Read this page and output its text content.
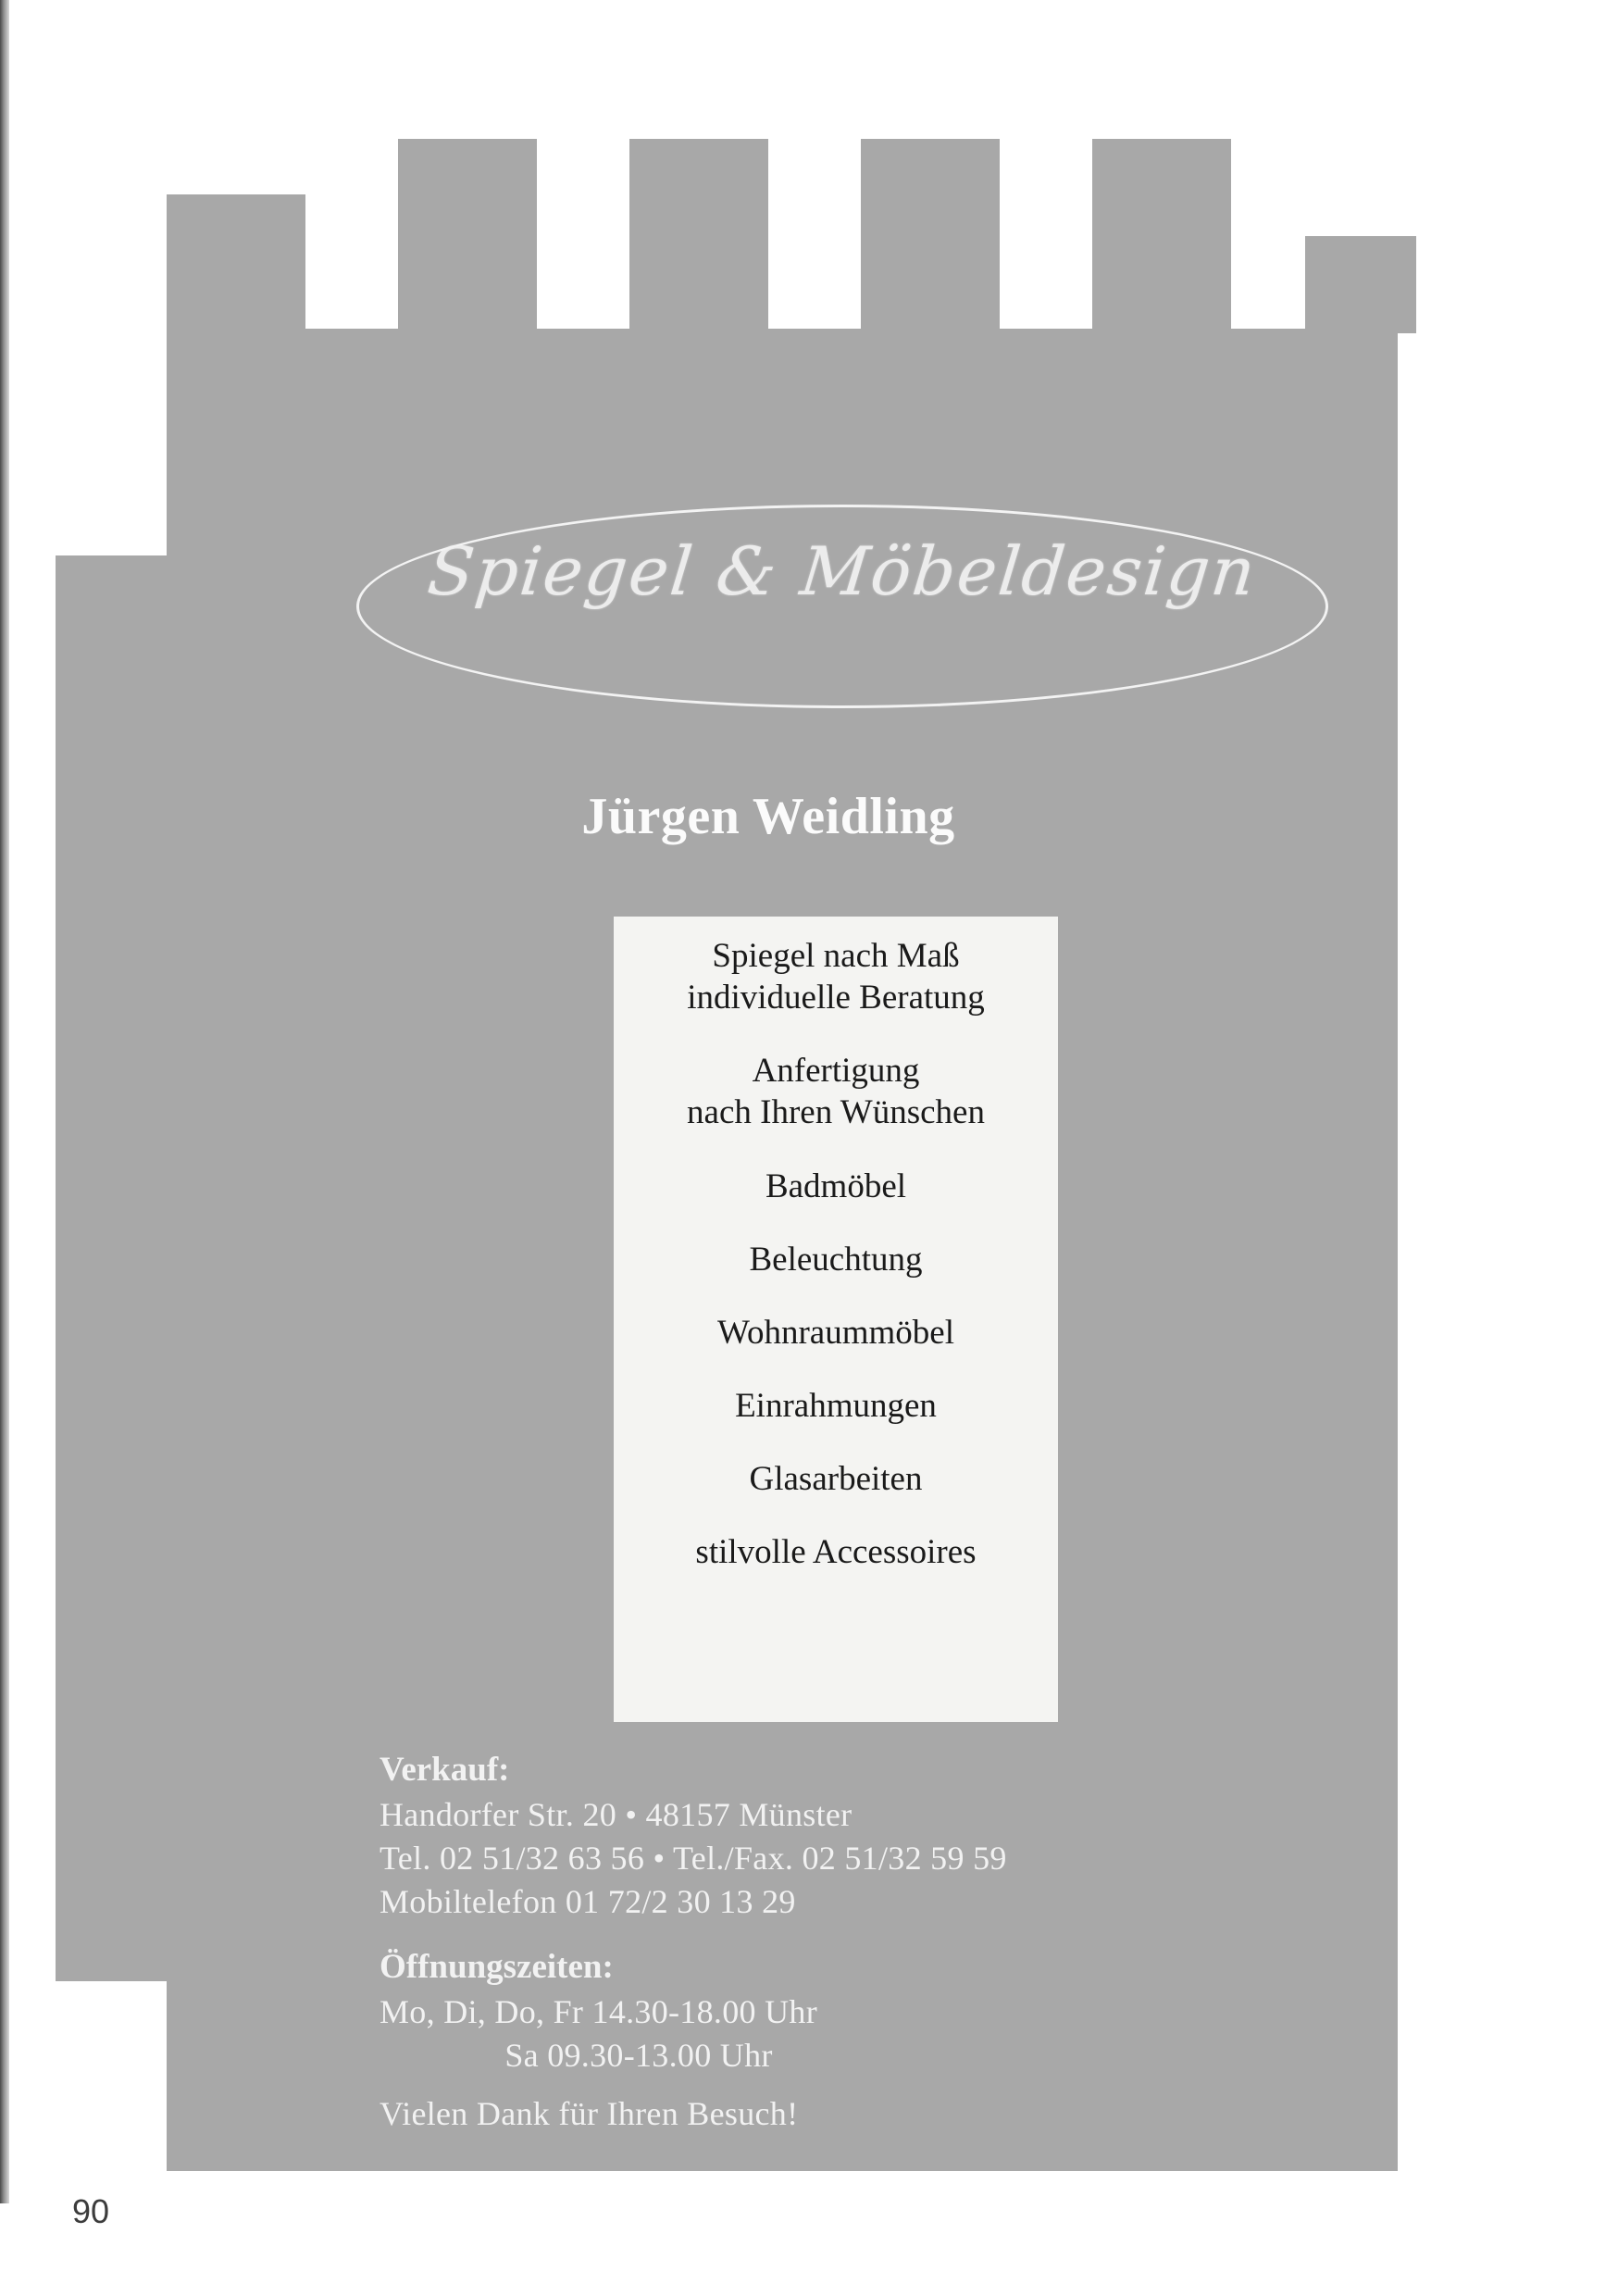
Spiegel & Möbeldesign
Jürgen Weidling
Spiegel nach Maß
individuelle Beratung
Anfertigung
nach Ihren Wünschen
Badmöbel
Beleuchtung
Wohnraummöbel
Einrahmungen
Glasarbeiten
stilvolle Accessoires
Verkauf:
Handorfer Str. 20 • 48157 Münster
Tel. 02 51/32 63 56 • Tel./Fax. 02 51/32 59 59
Mobiltelefon 01 72/2 30 13 29
Öffnungszeiten:
Mo, Di, Do, Fr 14.30-18.00 Uhr
Sa 09.30-13.00 Uhr
Vielen Dank für Ihren Besuch!
90
